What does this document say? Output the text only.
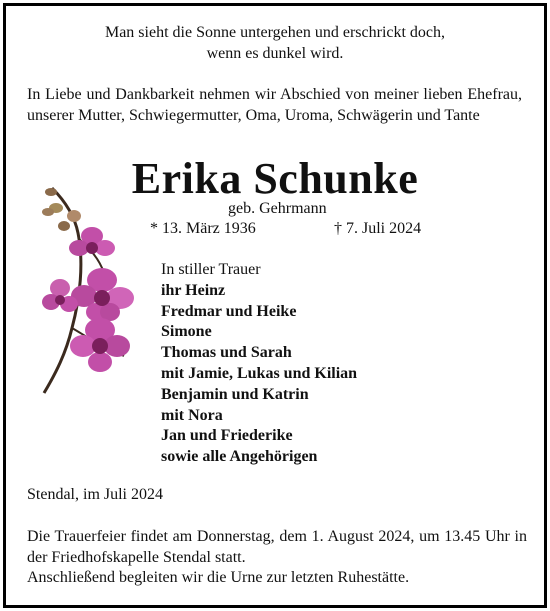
Man sieht die Sonne untergehen und erschrickt doch,
wenn es dunkel wird.
In Liebe und Dankbarkeit nehmen wir Abschied von meiner lieben Ehefrau, unserer Mutter, Schwiegermutter, Oma, Uroma, Schwägerin und Tante
Erika Schunke
geb. Gehrmann
* 13. März 1936	† 7. Juli 2024
In stiller Trauer
ihr Heinz
Fredmar und Heike
Simone
Thomas und Sarah
mit Jamie, Lukas und Kilian
Benjamin und Katrin
mit Nora
Jan und Friederike
sowie alle Angehörigen
Stendal, im Juli 2024
Die Trauerfeier findet am Donnerstag, dem 1. August 2024, um 13.45 Uhr in der Friedhofskapelle Stendal statt.
Anschließend begleiten wir die Urne zur letzten Ruhestätte.
